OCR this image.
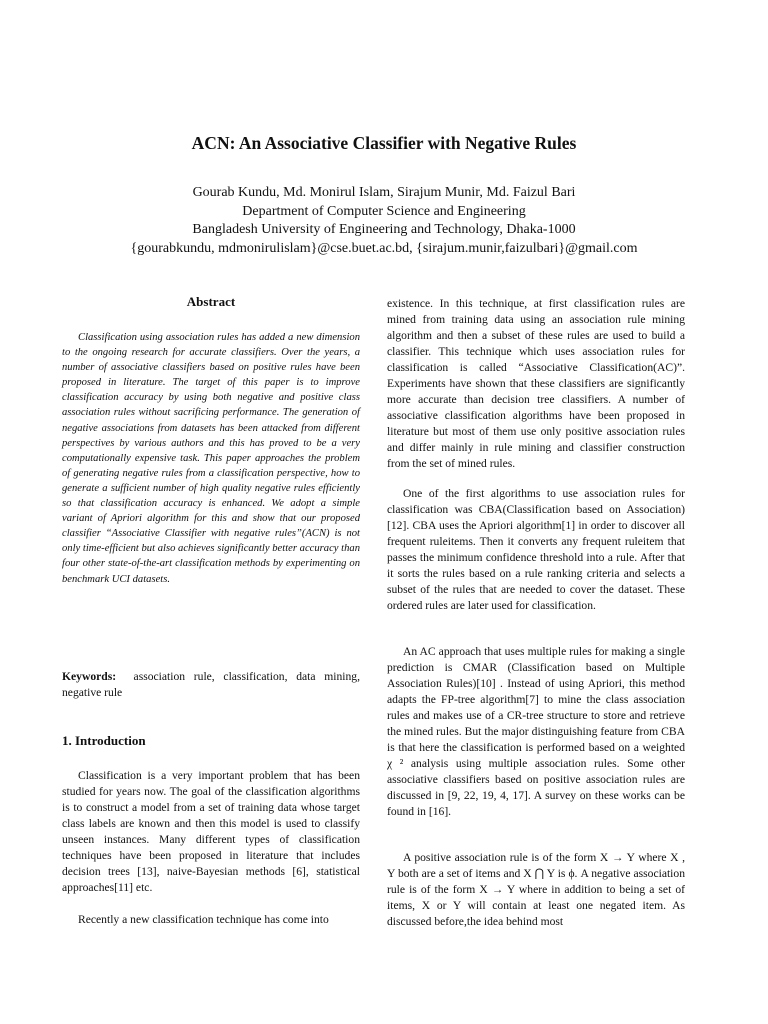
ACN: An Associative Classifier with Negative Rules
Gourab Kundu, Md. Monirul Islam, Sirajum Munir, Md. Faizul Bari
Department of Computer Science and Engineering
Bangladesh University of Engineering and Technology, Dhaka-1000
{gourabkundu, mdmonirulislam}@cse.buet.ac.bd, {sirajum.munir,faizulbari}@gmail.com
Abstract

Classification using association rules has added a new dimension to the ongoing research for accurate classifiers. Over the years, a number of associative classifiers based on positive rules have been proposed in literature. The target of this paper is to improve classification accuracy by using both negative and positive class association rules without sacrificing performance. The generation of negative associations from datasets has been attacked from different perspectives by various authors and this has proved to be a very computationally expensive task. This paper approaches the problem of generating negative rules from a classification perspective, how to generate a sufficient number of high quality negative rules efficiently so that classification accuracy is enhanced. We adopt a simple variant of Apriori algorithm for this and show that our proposed classifier “Associative Classifier with negative rules”(ACN) is not only time-efficient but also achieves significantly better accuracy than four other state-of-the-art classification methods by experimenting on benchmark UCI datasets.

Keywords: association rule, classification, data mining, negative rule

1. Introduction

Classification is a very important problem that has been studied for years now. The goal of the classification algorithms is to construct a model from a set of training data whose target class labels are known and then this model is used to classify unseen instances. Many different types of classification techniques have been proposed in literature that includes decision trees [13], naive-Bayesian methods [6], statistical approaches[11] etc.

Recently a new classification technique has come into

existence. In this technique, at first classification rules are mined from training data using an association rule mining algorithm and then a subset of these rules are used to build a classifier. This technique which uses association rules for classification is called “Associative Classification(AC)”. Experiments have shown that these classifiers are significantly more accurate than decision tree classifiers. A number of associative classification algorithms have been proposed in literature but most of them use only positive association rules and differ mainly in rule mining and classifier construction from the set of mined rules.

One of the first algorithms to use association rules for classification was CBA(Classification based on Association)[12]. CBA uses the Apriori algorithm[1] in order to discover all frequent ruleitems. Then it converts any frequent ruleitem that passes the minimum confidence threshold into a rule. After that it sorts the rules based on a rule ranking criteria and selects a subset of the rules that are needed to cover the dataset. These ordered rules are later used for classification.

An AC approach that uses multiple rules for making a single prediction is CMAR (Classification based on Multiple Association Rules)[10] . Instead of using Apriori, this method adapts the FP-tree algorithm[7] to mine the class association rules and makes use of a CR-tree structure to store and retrieve the mined rules. But the major distinguishing feature from CBA is that here the classification is performed based on a weighted χ ² analysis using multiple association rules. Some other associative classifiers based on positive association rules are discussed in [9, 22, 19, 4, 17]. A survey on these works can be found in [16].

A positive association rule is of the form X → Y where X , Y both are a set of items and X ⋂ Y is ϕ. A negative association rule is of the form X → Y where in addition to being a set of items, X or Y will contain at least one negated item. As discussed before,the idea behind most
